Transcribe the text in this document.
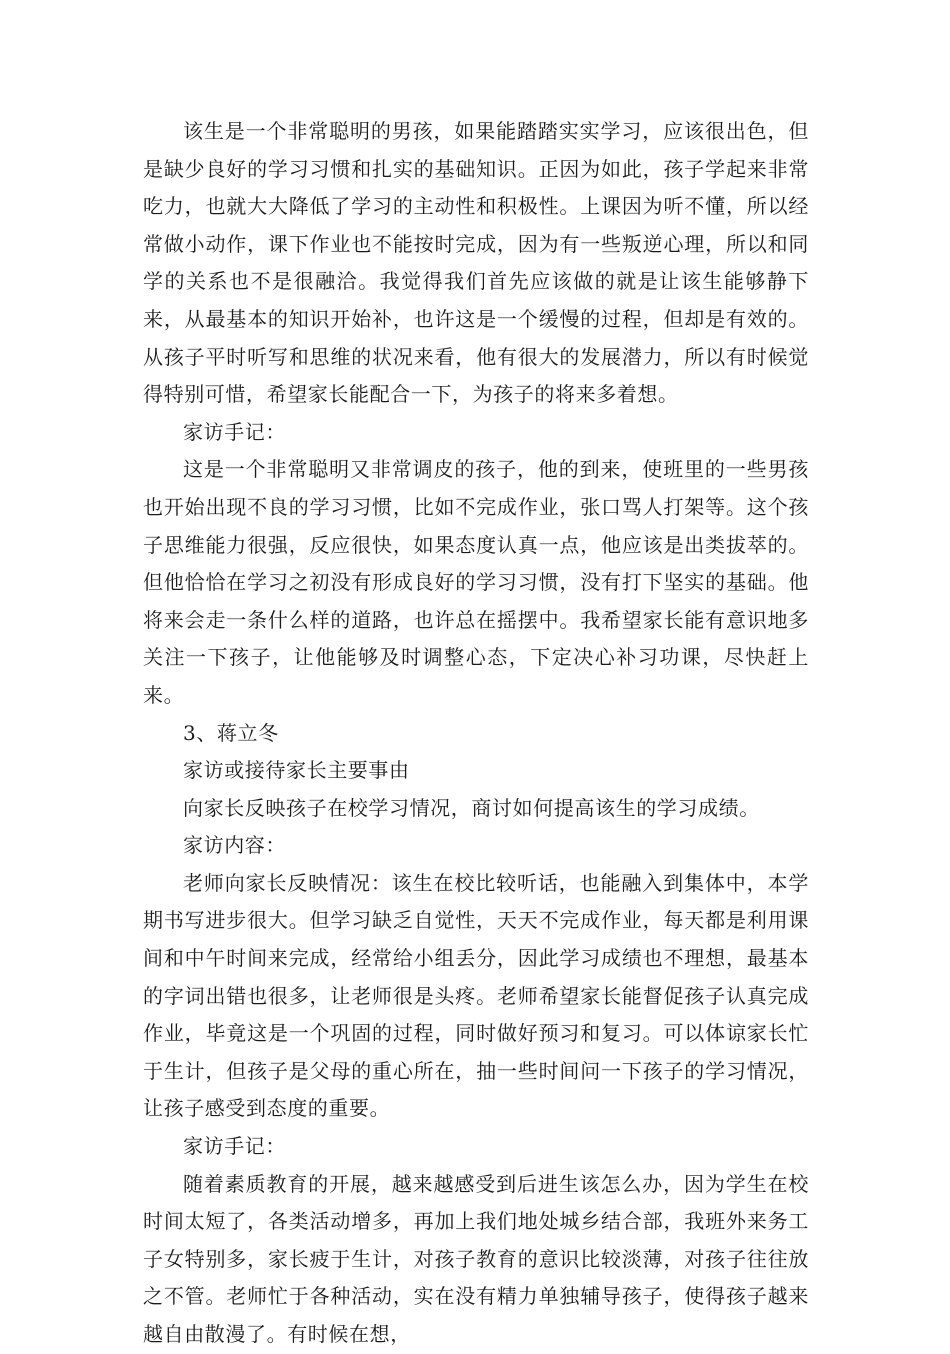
该生是一个非常聪明的男孩，如果能踏踏实实学习，应该很出色，但是缺少良好的学习习惯和扎实的基础知识。正因为如此，孩子学起来非常吃力，也就大大降低了学习的主动性和积极性。上课因为听不懂，所以经常做小动作，课下作业也不能按时完成，因为有一些叛逆心理，所以和同学的关系也不是很融洽。我觉得我们首先应该做的就是让该生能够静下来，从最基本的知识开始补，也许这是一个缓慢的过程，但却是有效的。从孩子平时听写和思维的状况来看，他有很大的发展潜力，所以有时候觉得特别可惜，希望家长能配合一下，为孩子的将来多着想。

家访手记：

这是一个非常聪明又非常调皮的孩子，他的到来，使班里的一些男孩也开始出现不良的学习习惯，比如不完成作业，张口骂人打架等。这个孩子思维能力很强，反应很快，如果态度认真一点，他应该是出类拔萃的。但他恰恰在学习之初没有形成良好的学习习惯，没有打下坚实的基础。他将来会走一条什么样的道路，也许总在摇摆中。我希望家长能有意识地多关注一下孩子，让他能够及时调整心态，下定决心补习功课，尽快赶上来。

3、蒋立冬

家访或接待家长主要事由

向家长反映孩子在校学习情况，商讨如何提高该生的学习成绩。

家访内容：

老师向家长反映情况：该生在校比较听话，也能融入到集体中，本学期书写进步很大。但学习缺乏自觉性，天天不完成作业，每天都是利用课间和中午时间来完成，经常给小组丢分，因此学习成绩也不理想，最基本的字词出错也很多，让老师很是头疼。老师希望家长能督促孩子认真完成作业，毕竟这是一个巩固的过程，同时做好预习和复习。可以体谅家长忙于生计，但孩子是父母的重心所在，抽一些时间问一下孩子的学习情况，让孩子感受到态度的重要。

家访手记：

随着素质教育的开展，越来越感受到后进生该怎么办，因为学生在校时间太短了，各类活动增多，再加上我们地处城乡结合部，我班外来务工子女特别多，家长疲于生计，对孩子教育的意识比较淡薄，对孩子往往放之不管。老师忙于各种活动，实在没有精力单独辅导孩子，使得孩子越来越自由散漫了。有时候在想，
